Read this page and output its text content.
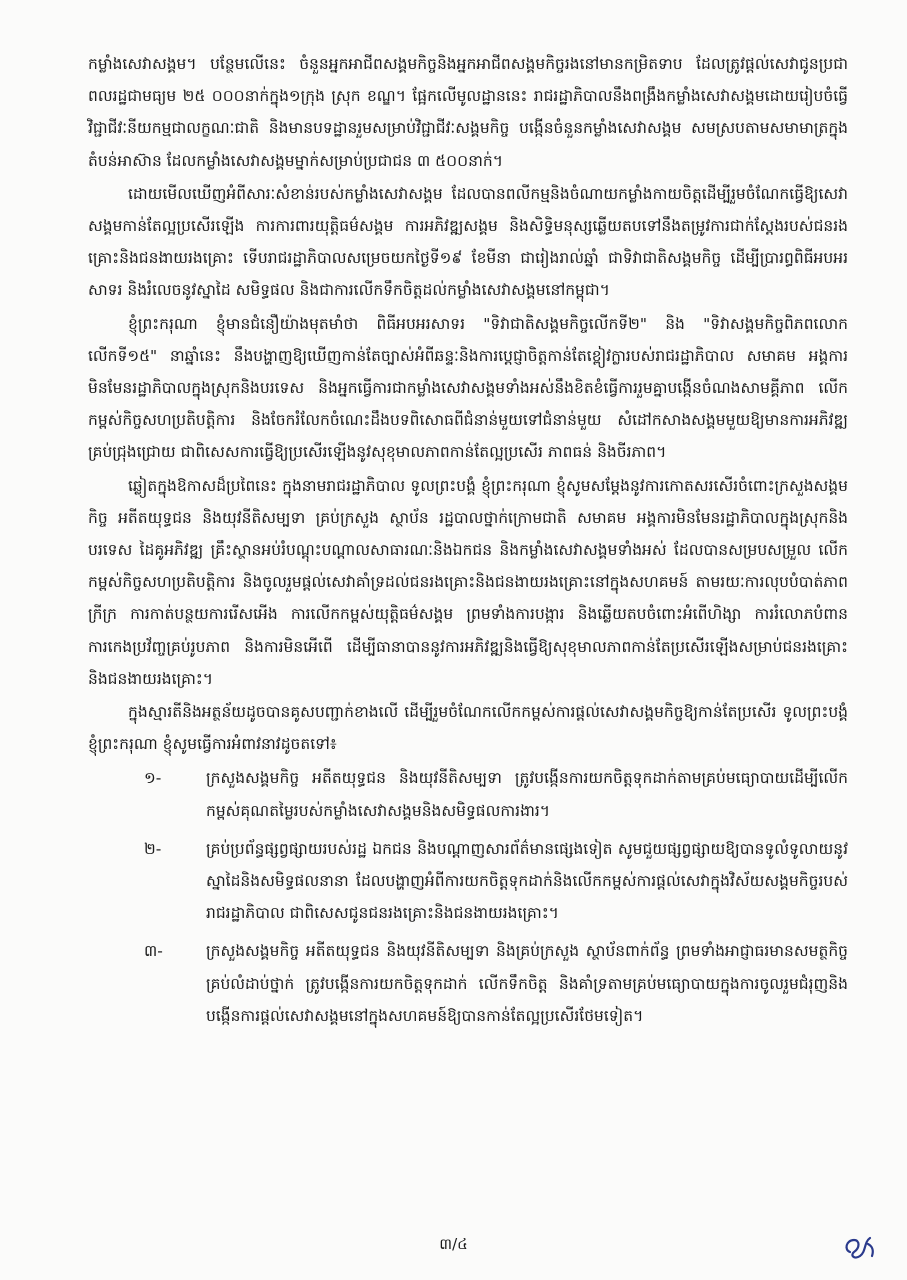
កម្លាំងសេវាសង្គម។ បន្ថែមលើនេះ ចំនួនអ្នកអាជីពសង្គមកិច្ចនិងអ្នកអាជីពសង្គមកិច្ចរងនៅមានកម្រិតទាប ដែលត្រូវផ្តល់សេវាជូនប្រជាពលរដ្ឋជាមធ្យម ២៥ ០០០នាក់ក្នុង១ក្រុង ស្រុក ខណ្ឌ។ ផ្អែកលើមូលដ្ឋាននេះ រាជរដ្ឋាភិបាលនឹងពង្រឹងកម្លាំងសេវាសង្គមដោយរៀបចំធ្វើវិជ្ជាជីវៈនីយកម្មជាលក្ខណៈជាតិ និងមានបទដ្ឋានរួមសម្រាប់វិជ្ជាជីវៈសង្គមកិច្ច បង្កើនចំនួនកម្លាំងសេវាសង្គម សមស្របតាមសមាមាត្រក្នុងតំបន់អាស៊ាន ដែលកម្លាំងសេវាសង្គមម្នាក់សម្រាប់ប្រជាជន ៣ ៥០០នាក់។

ដោយមើលឃើញអំពីសារៈសំខាន់របស់កម្លាំងសេវាសង្គម ដែលបានពលីកម្មនិងចំណាយកម្លាំងកាយចិត្តដើម្បីរួមចំណែកធ្វើឱ្យសេវាសង្គមកាន់តែល្អប្រសើរឡើង ការការពារយុត្តិធម៌សង្គម ការអភិវឌ្ឍសង្គម និងសិទ្ធិមនុស្សឆ្លើយតបទៅនឹងតម្រូវការជាក់ស្តែងរបស់ជនរងគ្រោះនិងជនងាយរងគ្រោះ ទើបរាជរដ្ឋាភិបាលសម្រេចយកថ្ងៃទី១៩ ខែមីនា ជារៀងរាល់ឆ្នាំ ជាទិវាជាតិសង្គមកិច្ច ដើម្បីប្រារព្ធពិធីអបអរសាទរ និងរំលេចនូវស្នាដៃ សមិទ្ធផល និងជាការលើកទឹកចិត្តដល់កម្លាំងសេវាសង្គមនៅកម្ពុជា។

ខ្ញុំព្រះករុណា ខ្ញុំមានជំនឿយ៉ាងមុតមាំថា ពិធីអបអរសាទរ "ទិវាជាតិសង្គមកិច្ចលើកទី២" និង "ទិវាសង្គមកិច្ចពិភពលោកលើកទី១៥" នាឆ្នាំនេះ នឹងបង្ហាញឱ្យឃើញកាន់តែច្បាស់អំពីឆន្ទៈនិងការប្តេជ្ញាចិត្តកាន់តែខ្ពៀវក្លារបស់រាជរដ្ឋាភិបាល សមាគម អង្គការមិនមែនរដ្ឋាភិបាលក្នុងស្រុកនិងបរទេស និងអ្នកធ្វើការជាកម្លាំងសេវាសង្គមទាំងអស់នឹងខិតខំធ្វើការរួមគ្នាបង្កើនចំណងសាមគ្គីភាព លើកកម្ពស់កិច្ចសហប្រតិបត្តិការ និងចែករំលែកចំណេះដឹងបទពិសោធពីជំនាន់មួយទៅជំនាន់មួយ សំដៅកសាងសង្គមមួយឱ្យមានការអភិវឌ្ឍគ្រប់ជ្រុងជ្រោយ ជាពិសេសការធ្វើឱ្យប្រសើរឡើងនូវសុខុមាលភាពកាន់តែល្អប្រសើរ ភាពធន់ និងចីរភាព។

ឆ្លៀតក្នុងឱកាសដ៏ប្រពៃនេះ ក្នុងនាមរាជរដ្ឋាភិបាល ទូលព្រះបង្គំ ខ្ញុំព្រះករុណា ខ្ញុំសូមសម្តែងនូវការកោតសរសើរចំពោះក្រសួងសង្គមកិច្ច អតីតយុទ្ធជន និងយុវនីតិសម្បទា គ្រប់ក្រសួង ស្ថាប័ន រដ្ឋបាលថ្នាក់ក្រោមជាតិ សមាគម អង្គការមិនមែនរដ្ឋាភិបាលក្នុងស្រុកនិងបរទេស ដៃគូអភិវឌ្ឍ គ្រឹះស្ថានអប់រំបណ្តុះបណ្តាលសាធារណៈនិងឯកជន និងកម្លាំងសេវាសង្គមទាំងអស់ ដែលបានសម្របសម្រួល លើកកម្ពស់កិច្ចសហប្រតិបត្តិការ និងចូលរួមផ្តល់សេវាគាំទ្រដល់ជនរងគ្រោះនិងជនងាយរងគ្រោះនៅក្នុងសហគមន៍ តាមរយៈការលុបបំបាត់ភាពក្រីក្រ ការកាត់បន្ថយការរើសអើង ការលើកកម្ពស់យុត្តិធម៌សង្គម ព្រមទាំងការបង្ការ និងឆ្លើយតបចំពោះអំពើហិង្សា ការរំលោភបំពាន ការកេងប្រវ័ញ្ចគ្រប់រូបភាព និងការមិនអើពើ ដើម្បីធានាបាននូវការអភិវឌ្ឍនិងធ្វើឱ្យសុខុមាលភាពកាន់តែប្រសើរឡើងសម្រាប់ជនរងគ្រោះនិងជនងាយរងគ្រោះ។

ក្នុងស្មារតីនិងអត្ថន័យដូចបានគូសបញ្ជាក់ខាងលើ ដើម្បីរួមចំណែកលើកកម្ពស់ការផ្តល់សេវាសង្គមកិច្ចឱ្យកាន់តែប្រសើរ ទូលព្រះបង្គំ ខ្ញុំព្រះករុណា ខ្ញុំសូមធ្វើការអំពាវនាវដូចតទៅ៖

១-	ក្រសួងសង្គមកិច្ច អតីតយុទ្ធជន និងយុវនីតិសម្បទា ត្រូវបង្កើនការយកចិត្តទុកដាក់តាមគ្រប់មធ្យោបាយដើម្បីលើកកម្ពស់គុណតម្លៃរបស់កម្លាំងសេវាសង្គមនិងសមិទ្ធផលការងារ។
២-	គ្រប់ប្រព័ន្ធផ្សព្វផ្សាយរបស់រដ្ឋ ឯកជន និងបណ្តាញសារព័ត៌មានផ្សេងទៀត សូមជួយផ្សព្វផ្សាយឱ្យបានទូលំទូលាយនូវស្នាដៃនិងសមិទ្ធផលនានា ដែលបង្ហាញអំពីការយកចិត្តទុកដាក់និងលើកកម្ពស់ការផ្តល់សេវាក្នុងវិស័យសង្គមកិច្ចរបស់រាជរដ្ឋាភិបាល ជាពិសេសជូនជនរងគ្រោះនិងជនងាយរងគ្រោះ។
៣-	ក្រសួងសង្គមកិច្ច អតីតយុទ្ធជន និងយុវនីតិសម្បទា និងគ្រប់ក្រសួង ស្ថាប័នពាក់ព័ន្ធ ព្រមទាំងអាជ្ញាធរមានសមត្ថកិច្ចគ្រប់លំដាប់ថ្នាក់ ត្រូវបង្កើនការយកចិត្តទុកដាក់ លើកទឹកចិត្ត និងគាំទ្រតាមគ្រប់មធ្យោបាយក្នុងការចូលរួមជំរុញនិងបង្កើនការផ្តល់សេវាសង្គមនៅក្នុងសហគមន៍ឱ្យបានកាន់តែល្អប្រសើរថែមទៀត។
៣/៤
